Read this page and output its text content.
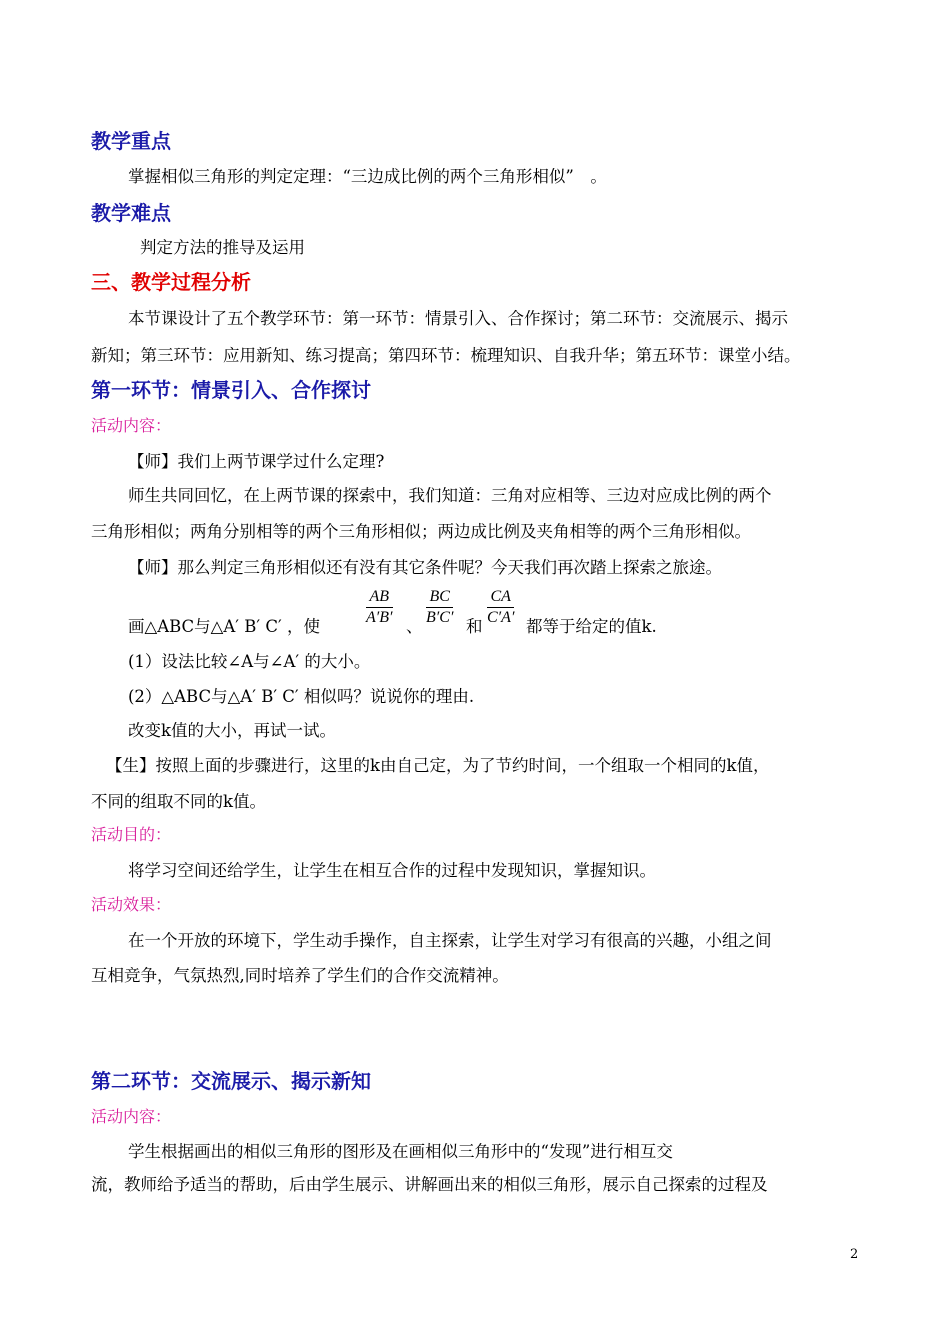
教学重点
掌握相似三角形的判定定理：“三边成比例的两个三角形相似”　。
教学难点
判定方法的推导及运用
三、教学过程分析
本节课设计了五个教学环节：第一环节：情景引入、合作探讨；第二环节：交流展示、揭示
新知；第三环节：应用新知、练习提高；第四环节：梳理知识、自我升华；第五环节：课堂小结。
第一环节：情景引入、合作探讨
活动内容：
【师】我们上两节课学过什么定理?
师生共同回忆，在上两节课的探索中，我们知道：三角对应相等、三边对应成比例的两个
三角形相似；两角分别相等的两个三角形相似；两边成比例及夹角相等的两个三角形相似。
【师】那么判定三角形相似还有没有其它条件呢？今天我们再次踏上探索之旅途。
画△ABC与△A′ B′ C′ ，使	$\frac{AB}{A'B'}$ 、 $\frac{BC}{B'C'}$ 和 $\frac{CA}{C'A'}$ 都等于给定的值k.
(1）设法比较∠A与∠A′ 的大小。
(2）△ABC与△A′ B′ C′ 相似吗？说说你的理由.
改变k值的大小，再试一试。
【生】按照上面的步骤进行，这里的k由自己定，为了节约时间，一个组取一个相同的k值，
不同的组取不同的k值。
活动目的：
将学习空间还给学生，让学生在相互合作的过程中发现知识，掌握知识。
活动效果：
在一个开放的环境下，学生动手操作，自主探索，让学生对学习有很高的兴趣，小组之间
互相竞争，气氛热烈,同时培养了学生们的合作交流精神。
第二环节：交流展示、揭示新知
活动内容：
学生根据画出的相似三角形的图形及在画相似三角形中的“发现”进行相互交
流，教师给予适当的帮助，后由学生展示、讲解画出来的相似三角形，展示自己探索的过程及
2
